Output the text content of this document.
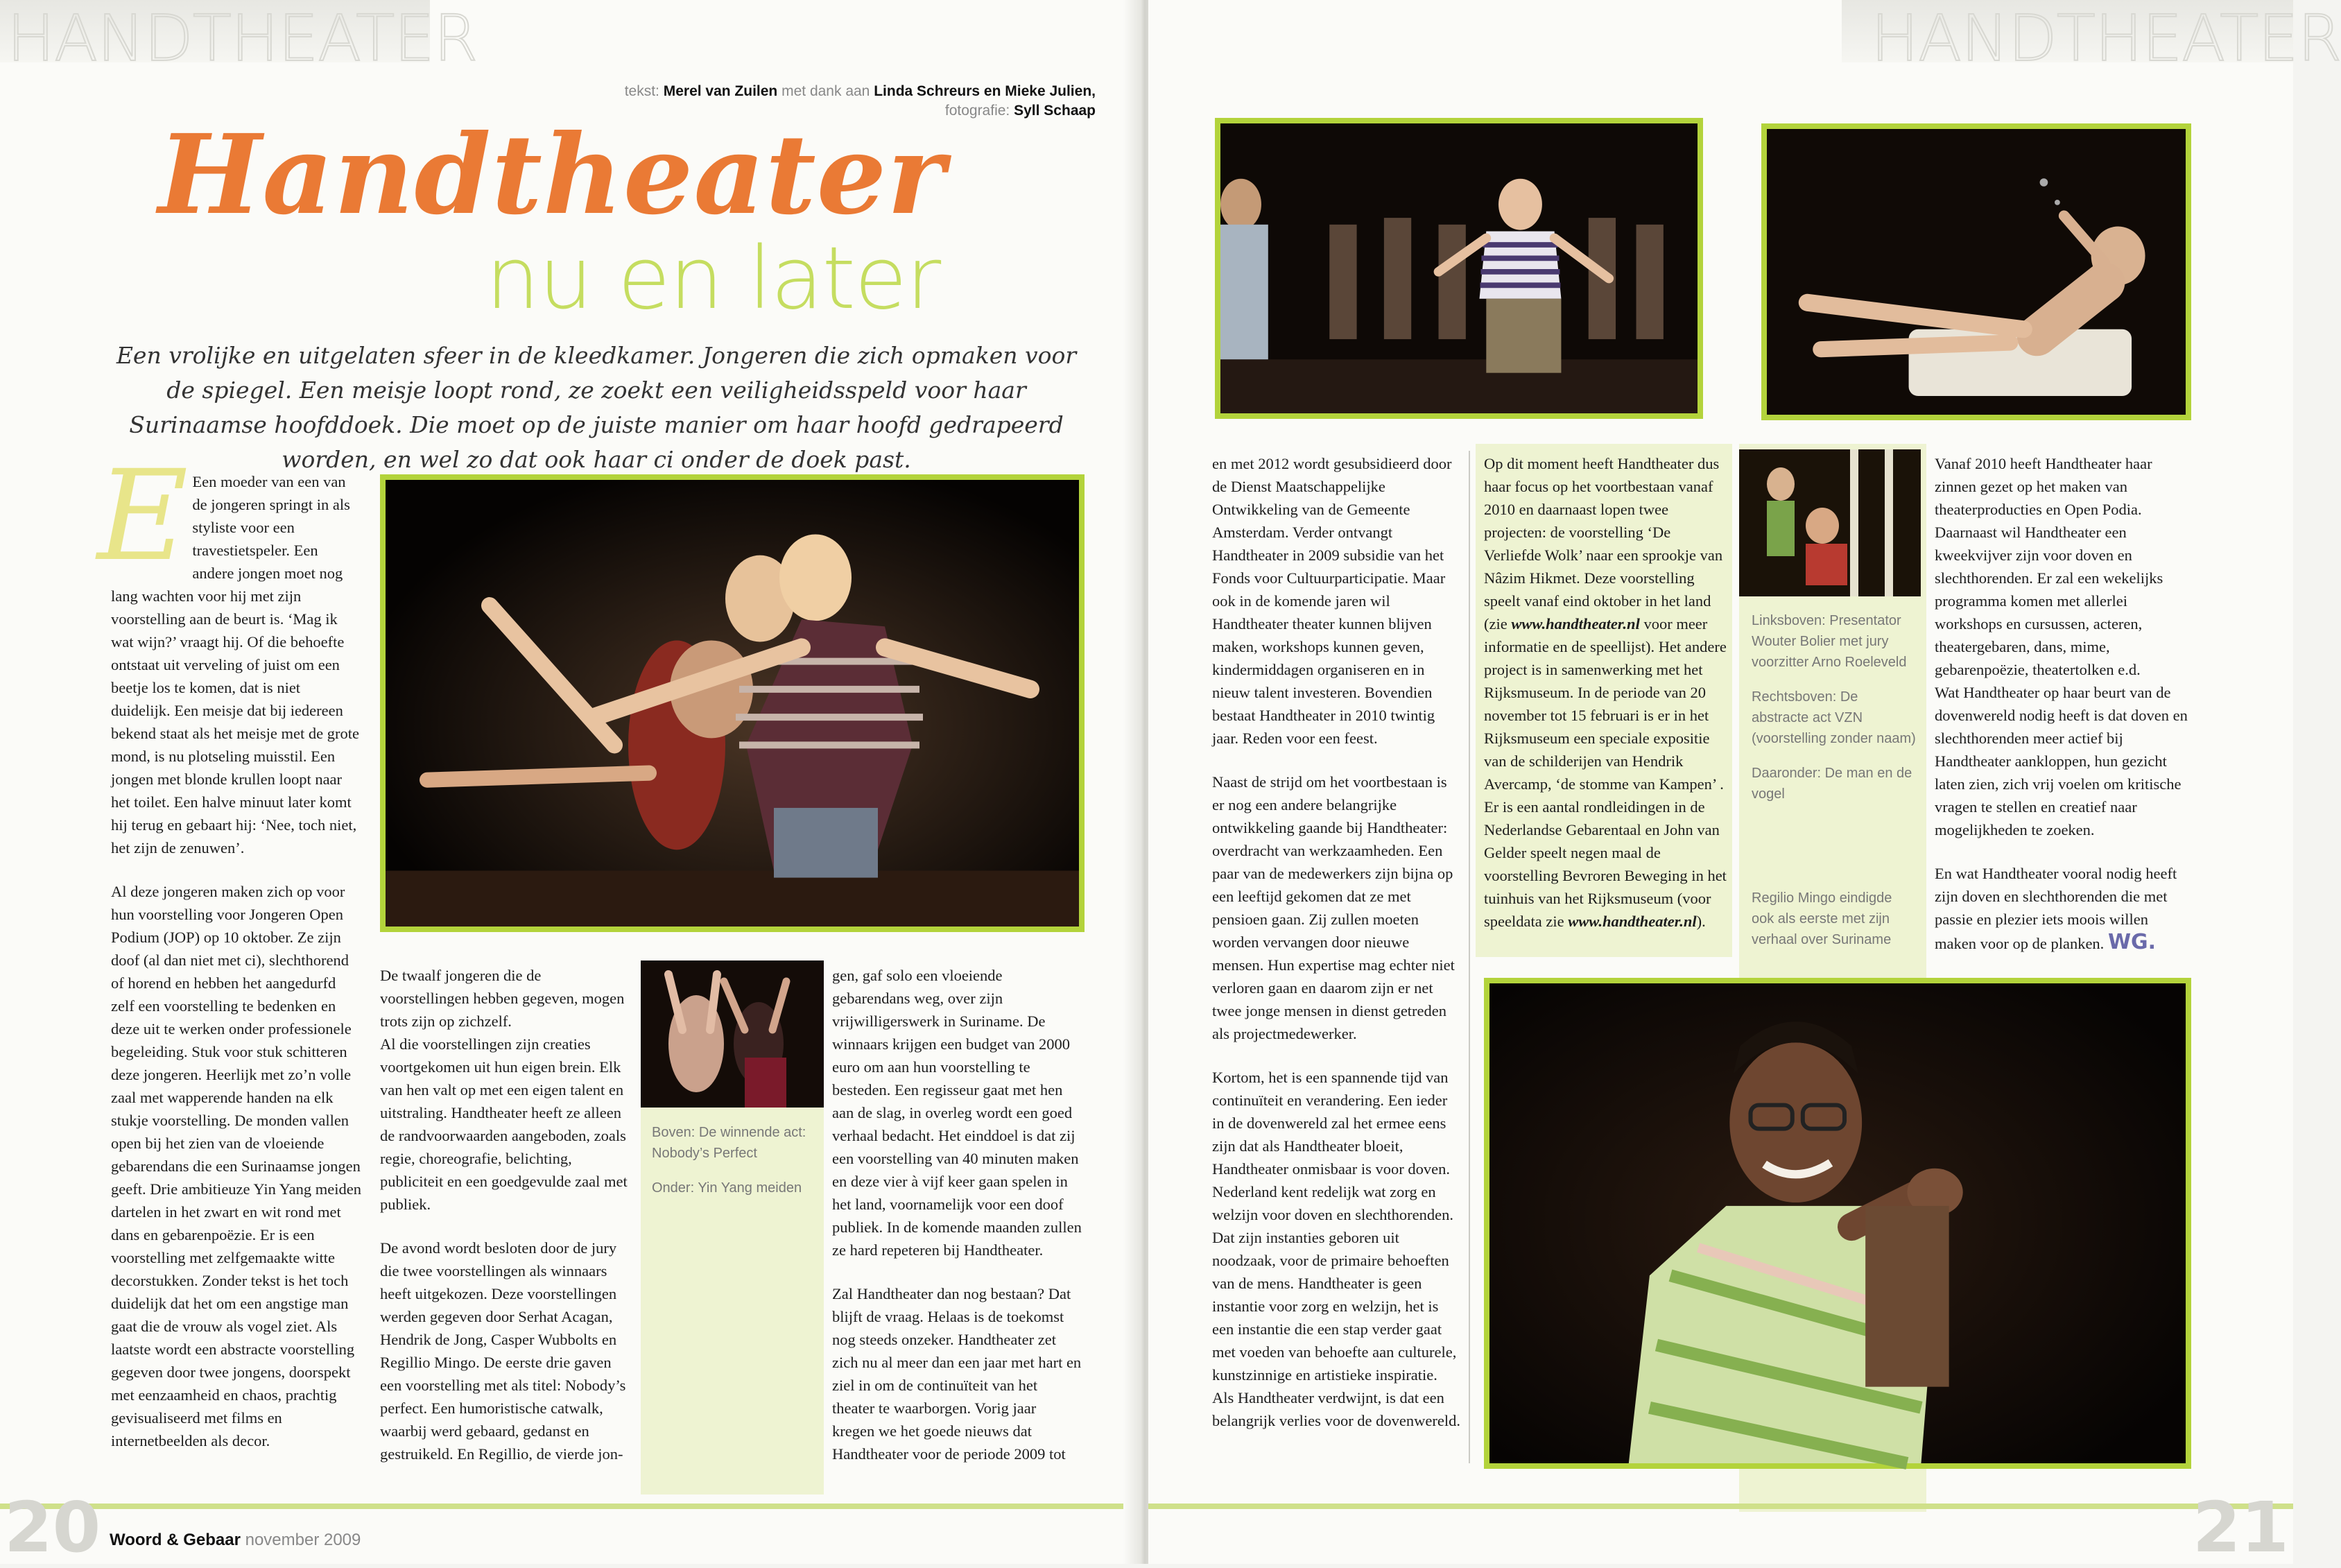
HANDTHEATER
tekst: Merel van Zuilen met dank aan Linda Schreurs en Mieke Julien,
fotografie: Syll Schaap
Handtheater
nu en later
Een vrolijke en uitgelaten sfeer in de kleedkamer. Jongeren die zich opmaken voor de spiegel. Een meisje loopt rond, ze zoekt een veiligheidsspeld voor haar Surinaamse hoofddoek. Die moet op de juiste manier om haar hoofd gedrapeerd worden, en wel zo dat ook haar ci onder de doek past.

E Een moeder van een van de jongeren springt in als styliste voor een travestietspeler. Een andere jongen moet nog lang wachten voor hij met zijn voorstelling aan de beurt is. ‘Mag ik wat wijn?’ vraagt hij. Of die behoefte ontstaat uit verveling of juist om een beetje los te komen, dat is niet duidelijk. Een meisje dat bij iedereen bekend staat als het meisje met de grote mond, is nu plotseling muisstil. Een jongen met blonde krullen loopt naar het toilet. Een halve minuut later komt hij terug en gebaart hij: ‘Nee, toch niet, het zijn de zenuwen’.

Al deze jongeren maken zich op voor hun voorstelling voor Jongeren Open Podium (JOP) op 10 oktober. Ze zijn doof (al dan niet met ci), slechthorend of horend en hebben het aangedurfd zelf een voorstelling te bedenken en deze uit te werken onder professionele begeleiding. Stuk voor stuk schitteren deze jongeren. Heerlijk met zo’n volle zaal met wapperende handen na elk stukje voorstelling. De monden vallen open bij het zien van de vloeiende gebarendans die een Surinaamse jongen geeft. Drie ambitieuze Yin Yang meiden dartelen in het zwart en wit rond met dans en gebarenpoëzie. Er is een voorstelling met zelfgemaakte witte decorstukken. Zonder tekst is het toch duidelijk dat het om een angstige man gaat die de vrouw als vogel ziet. Als laatste wordt een abstracte voorstelling gegeven door twee jongens, doorspekt met eenzaamheid en chaos, prachtig gevisualiseerd met films en internetbeelden als decor.

De twaalf jongeren die de voorstellingen hebben gegeven, mogen trots zijn op zichzelf.
Al die voorstellingen zijn creaties voortgekomen uit hun eigen brein. Elk van hen valt op met een eigen talent en uitstraling. Handtheater heeft ze alleen de randvoorwaarden aangeboden, zoals regie, choreografie, belichting, publiciteit en een goedgevulde zaal met publiek.

De avond wordt besloten door de jury die twee voorstellingen als winnaars heeft uitgekozen. Deze voorstellingen werden gegeven door Serhat Acagan, Hendrik de Jong, Casper Wubbolts en Regillio Mingo. De eerste drie gaven een voorstelling met als titel: Nobody’s perfect. Een humoristische catwalk, waarbij werd gebaard, gedanst en gestruikeld. En Regillio, de vierde jon-

Boven: De winnende act: Nobody’s Perfect

Onder: Yin Yang meiden

gen, gaf solo een vloeiende gebarendans weg, over zijn vrijwilligerswerk in Suriname. De winnaars krijgen een budget van 2000 euro om aan hun voorstelling te besteden. Een regisseur gaat met hen aan de slag, in overleg wordt een goed verhaal bedacht. Het einddoel is dat zij een voorstelling van 40 minuten maken en deze vier à vijf keer gaan spelen in het land, voornamelijk voor een doof publiek. In de komende maanden zullen ze hard repeteren bij Handtheater.

Zal Handtheater dan nog bestaan? Dat blijft de vraag. Helaas is de toekomst nog steeds onzeker. Handtheater zet zich nu al meer dan een jaar met hart en ziel in om de continuïteit van het theater te waarborgen. Vorig jaar kregen we het goede nieuws dat Handtheater voor de periode 2009 tot

20 Woord & Gebaar november 2009
HANDTHEATER

en met 2012 wordt gesubsidieerd door de Dienst Maatschappelijke Ontwikkeling van de Gemeente Amsterdam. Verder ontvangt Handtheater in 2009 subsidie van het Fonds voor Cultuurparticipatie. Maar ook in de komende jaren wil Handtheater theater kunnen blijven maken, workshops kunnen geven, kindermiddagen organiseren en in nieuw talent investeren. Bovendien bestaat Handtheater in 2010 twintig jaar. Reden voor een feest.

Naast de strijd om het voortbestaan is er nog een andere belangrijke ontwikkeling gaande bij Handtheater: overdracht van werkzaamheden. Een paar van de medewerkers zijn bijna op een leeftijd gekomen dat ze met pensioen gaan. Zij zullen moeten worden vervangen door nieuwe mensen. Hun expertise mag echter niet verloren gaan en daarom zijn er net twee jonge mensen in dienst getreden als projectmedewerker.

Kortom, het is een spannende tijd van continuïteit en verandering. Een ieder in de dovenwereld zal het ermee eens zijn dat als Handtheater bloeit, Handtheater onmisbaar is voor doven. Nederland kent redelijk wat zorg en welzijn voor doven en slechthorenden. Dat zijn instanties geboren uit noodzaak, voor de primaire behoeften van de mens. Handtheater is geen instantie voor zorg en welzijn, het is een instantie die een stap verder gaat met voeden van behoefte aan culturele, kunstzinnige en artistieke inspiratie. Als Handtheater verdwijnt, is dat een belangrijk verlies voor de dovenwereld.

Op dit moment heeft Handtheater dus haar focus op het voortbestaan vanaf 2010 en daarnaast lopen twee projecten: de voorstelling ‘De Verliefde Wolk’ naar een sprookje van Nâzim Hikmet. Deze voorstelling speelt vanaf eind oktober in het land (zie www.handtheater.nl voor meer informatie en de speellijst). Het andere project is in samenwerking met het Rijksmuseum. In de periode van 20 november tot 15 februari is er in het Rijksmuseum een speciale expositie van de schilderijen van Hendrik Avercamp, ‘de stomme van Kampen’ . Er is een aantal rondleidingen in de Nederlandse Gebarentaal en John van Gelder speelt negen maal de voorstelling Bevroren Beweging in het tuinhuis van het Rijksmuseum (voor speeldata zie www.handtheater.nl).

Linksboven: Presentator Wouter Bolier met jury voorzitter Arno Roeleveld

Rechtsboven: De abstracte act VZN (voorstelling zonder naam)

Daaronder: De man en de vogel

Regilio Mingo eindigde ook als eerste met zijn verhaal over Suriname

Vanaf 2010 heeft Handtheater haar zinnen gezet op het maken van theaterproducties en Open Podia. Daarnaast wil Handtheater een kweekvijver zijn voor doven en slechthorenden. Er zal een wekelijks programma komen met allerlei workshops en cursussen, acteren, theatergebaren, dans, mime, gebarenpoëzie, theatertolken e.d.
Wat Handtheater op haar beurt van de dovenwereld nodig heeft is dat doven en slechthorenden meer actief bij Handtheater aankloppen, hun gezicht laten zien, zich vrij voelen om kritische vragen te stellen en creatief naar mogelijkheden te zoeken.

En wat Handtheater vooral nodig heeft zijn doven en slechthorenden die met passie en plezier iets moois willen maken voor op de planken. WG.

21
